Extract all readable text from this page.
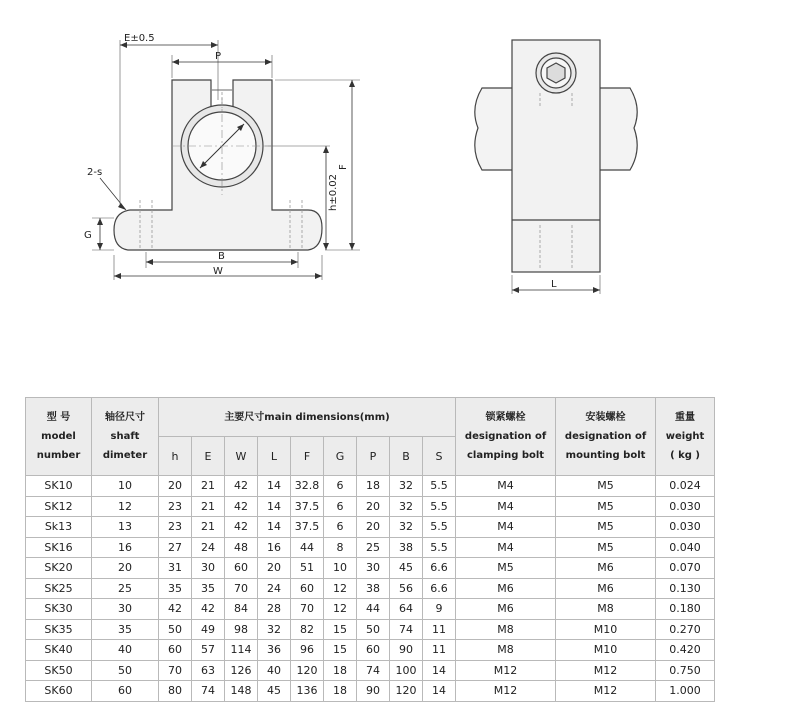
E±0.5
P
F
h±0.02
2-s
G
B
W
L
型 号
model
number	轴径尺寸
shaft
dimeter	主要尺寸main dimensions(mm)									锁紧螺栓
designation of
clamping bolt	安装螺栓
designation of
mounting bolt	重量
weight
( kg )

		h	E	W	L	F	G	P	B	S			
SK10	10	20	21	42	14	32.8	6	18	32	5.5	M4	M5	0.024
SK12	12	23	21	42	14	37.5	6	20	32	5.5	M4	M5	0.030
Sk13	13	23	21	42	14	37.5	6	20	32	5.5	M4	M5	0.030
SK16	16	27	24	48	16	44	8	25	38	5.5	M4	M5	0.040
SK20	20	31	30	60	20	51	10	30	45	6.6	M5	M6	0.070
SK25	25	35	35	70	24	60	12	38	56	6.6	M6	M6	0.130
SK30	30	42	42	84	28	70	12	44	64	9	M6	M8	0.180
SK35	35	50	49	98	32	82	15	50	74	11	M8	M10	0.270
SK40	40	60	57	114	36	96	15	60	90	11	M8	M10	0.420
SK50	50	70	63	126	40	120	18	74	100	14	M12	M12	0.750
SK60	60	80	74	148	45	136	18	90	120	14	M12	M12	1.000
